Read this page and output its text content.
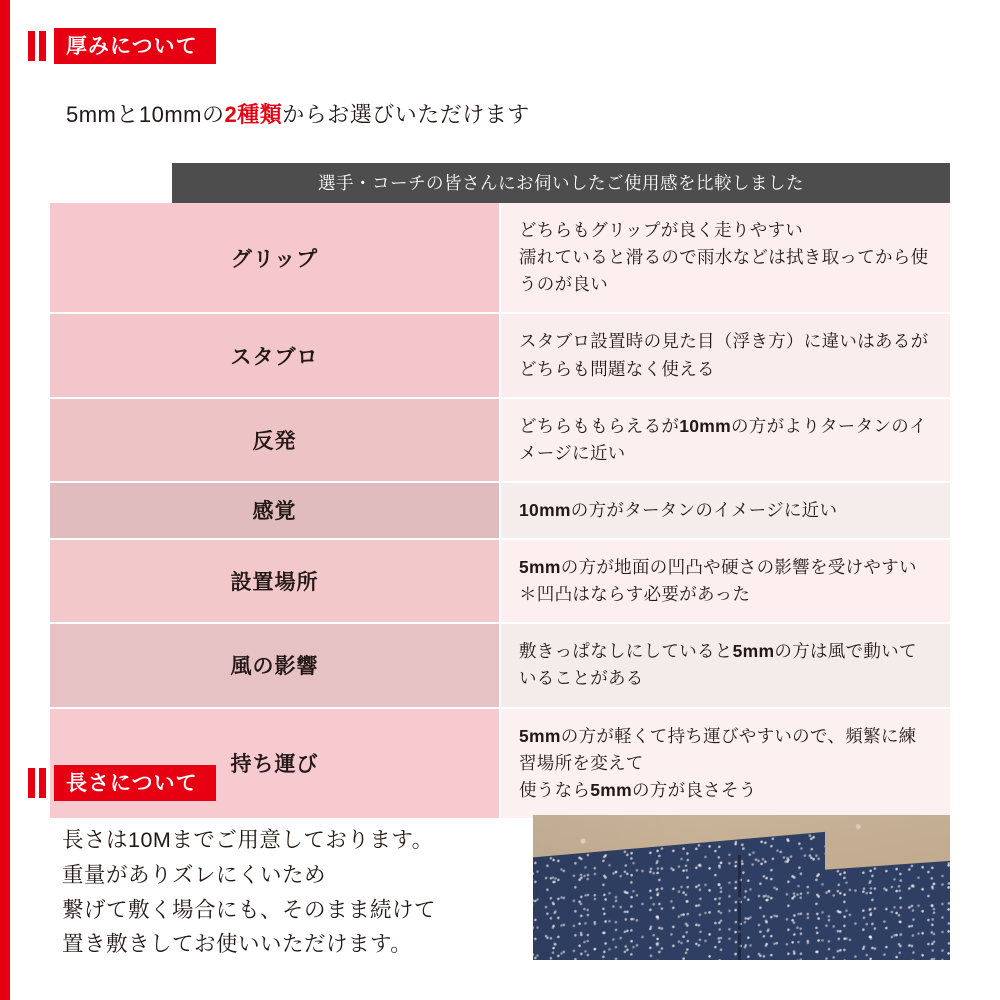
厚みについて
5mmと10mmの2種類からお選びいただけます
選手・コーチの皆さんにお伺いしたご使用感を比較しました	

グリップ	どちらもグリップが良く走りやすい
濡れていると滑るので雨水などは拭き取ってから使うのが良い

スタブロ	スタブロ設置時の見た目（浮き方）に違いはあるが
どちらも問題なく使える

反発	どちらももらえるが10mmの方がよりタータンのイメージに近い

感覚	10mmの方がタータンのイメージに近い

設置場所	5mmの方が地面の凹凸や硬さの影響を受けやすい
＊凹凸はならす必要があった

風の影響	敷きっぱなしにしていると5mmの方は風で動いていることがある

持ち運び	5mmの方が軽くて持ち運びやすいので、頻繁に練習場所を変えて
使うなら5mmの方が良さそう
長さについて
長さは10Mまでご用意しております。
重量がありズレにくいため
繋げて敷く場合にも、そのまま続けて
置き敷きしてお使いいただけます。
